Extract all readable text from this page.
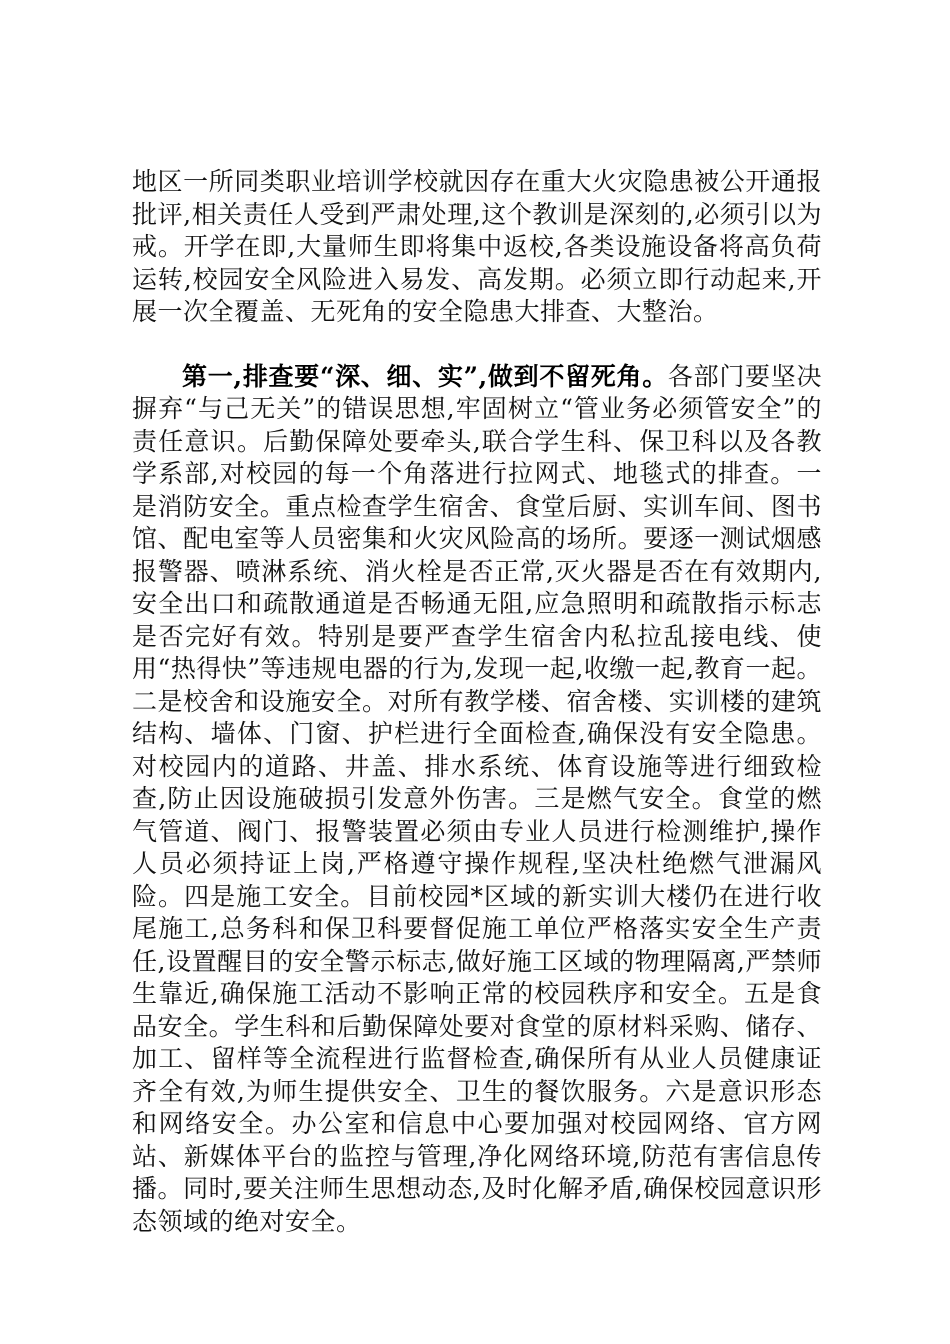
地区一所同类职业培训学校就因存在重大火灾隐患被公开通报批评,相关责任人受到严肃处理,这个教训是深刻的,必须引以为戒。开学在即,大量师生即将集中返校,各类设施设备将高负荷运转,校园安全风险进入易发、高发期。必须立即行动起来,开展一次全覆盖、无死角的安全隐患大排查、大整治。

第一,排查要“深、细、实”,做到不留死角。各部门要坚决摒弃“与己无关”的错误思想,牢固树立“管业务必须管安全”的责任意识。后勤保障处要牵头,联合学生科、保卫科以及各教学系部,对校园的每一个角落进行拉网式、地毯式的排查。一是消防安全。重点检查学生宿舍、食堂后厨、实训车间、图书馆、配电室等人员密集和火灾风险高的场所。要逐一测试烟感报警器、喷淋系统、消火栓是否正常,灭火器是否在有效期内,安全出口和疏散通道是否畅通无阻,应急照明和疏散指示标志是否完好有效。特别是要严查学生宿舍内私拉乱接电线、使用“热得快”等违规电器的行为,发现一起,收缴一起,教育一起。二是校舍和设施安全。对所有教学楼、宿舍楼、实训楼的建筑结构、墙体、门窗、护栏进行全面检查,确保没有安全隐患。对校园内的道路、井盖、排水系统、体育设施等进行细致检查,防止因设施破损引发意外伤害。三是燃气安全。食堂的燃气管道、阀门、报警装置必须由专业人员进行检测维护,操作人员必须持证上岗,严格遵守操作规程,坚决杜绝燃气泄漏风险。四是施工安全。目前校园*区域的新实训大楼仍在进行收尾施工,总务科和保卫科要督促施工单位严格落实安全生产责任,设置醒目的安全警示标志,做好施工区域的物理隔离,严禁师生靠近,确保施工活动不影响正常的校园秩序和安全。五是食品安全。学生科和后勤保障处要对食堂的原材料采购、储存、加工、留样等全流程进行监督检查,确保所有从业人员健康证齐全有效,为师生提供安全、卫生的餐饮服务。六是意识形态和网络安全。办公室和信息中心要加强对校园网络、官方网站、新媒体平台的监控与管理,净化网络环境,防范有害信息传播。同时,要关注师生思想动态,及时化解矛盾,确保校园意识形态领域的绝对安全。
